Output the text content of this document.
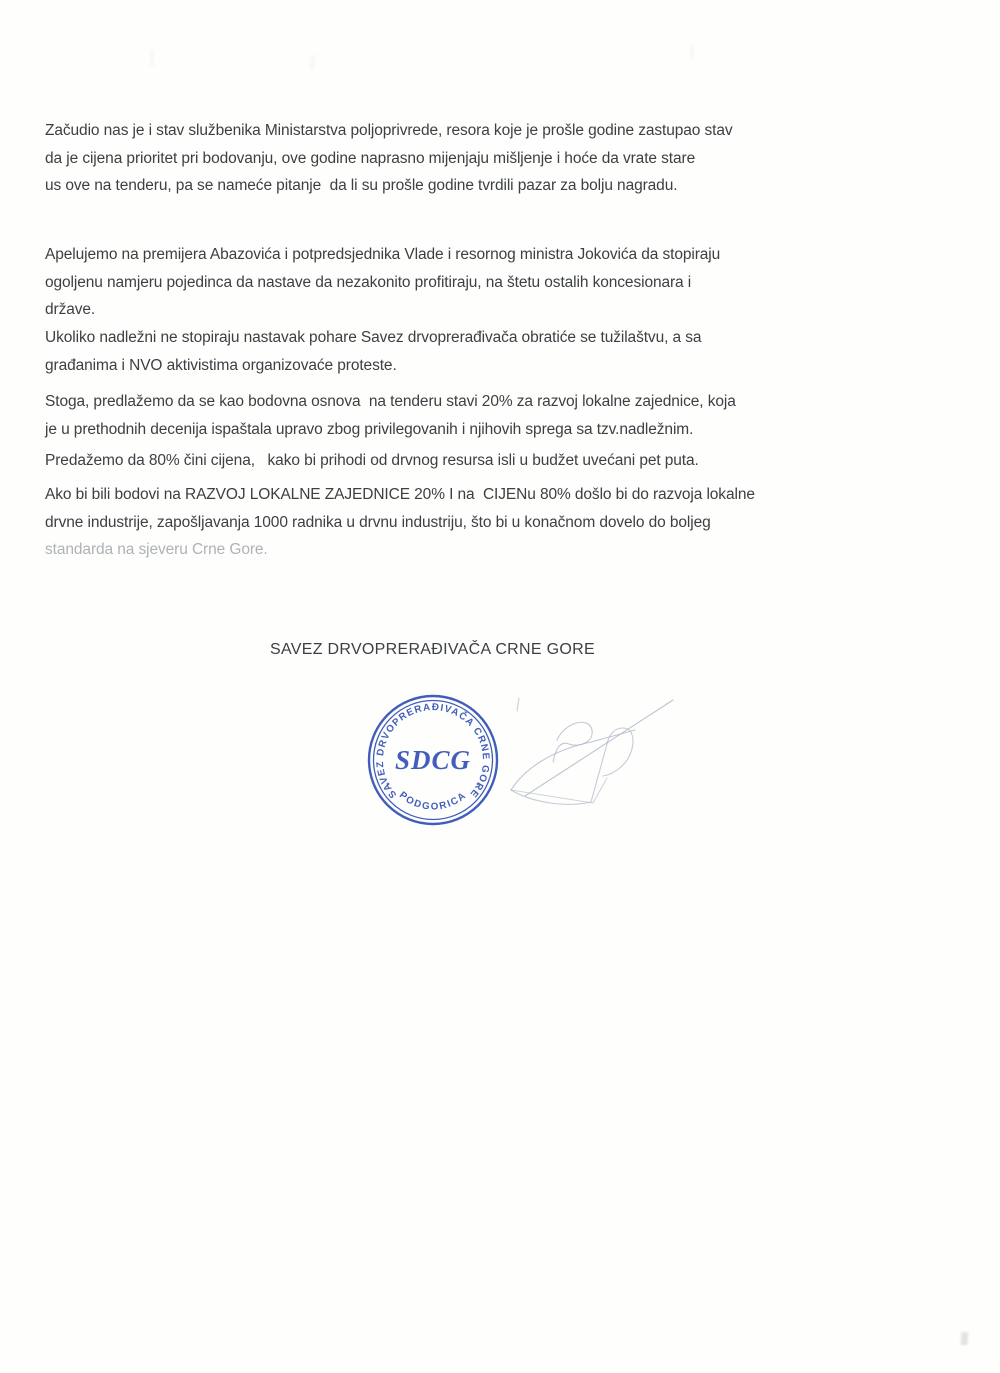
Začudio nas je i stav službenika Ministarstva poljoprivrede, resora koje je prošle godine zastupao stav
da je cijena prioritet pri bodovanju, ove godine naprasno mijenjaju mišljenje i hoće da vrate stare
us ove na tenderu, pa se nameće pitanje  da li su prošle godine tvrdili pazar za bolju nagradu.
Apelujemo na premijera Abazovića i potpredsjednika Vlade i resornog ministra Jokovića da stopiraju
ogoljenu namjeru pojedinca da nastave da nezakonito profitiraju, na štetu ostalih koncesionara i
države.
Ukoliko nadležni ne stopiraju nastavak pohare Savez drvoprerađivača obratiće se tužilaštvu, a sa
građanima i NVO aktivistima organizovaće proteste.
Stoga, predlažemo da se kao bodovna osnova  na tenderu stavi 20% za razvoj lokalne zajednice, koja
je u prethodnih decenija ispaštala upravo zbog privilegovanih i njihovih sprega sa tzv.nadležnim.
Predažemo da 80% čini cijena,   kako bi prihodi od drvnog resursa isli u budžet uvećani pet puta.
Ako bi bili bodovi na RAZVOJ LOKALNE ZAJEDNICE 20% I na  CIJENu 80% došlo bi do razvoja lokalne
drvne industrije, zapošljavanja 1000 radnika u drvnu industriju, što bi u konačnom dovelo do boljeg
standarda na sjeveru Crne Gore.
SAVEZ DRVOPRERAĐIVAČA CRNE GORE
SAVEZ DRVOPRERAĐIVAČA CRNE GORE
PODGORICA
SDCG
